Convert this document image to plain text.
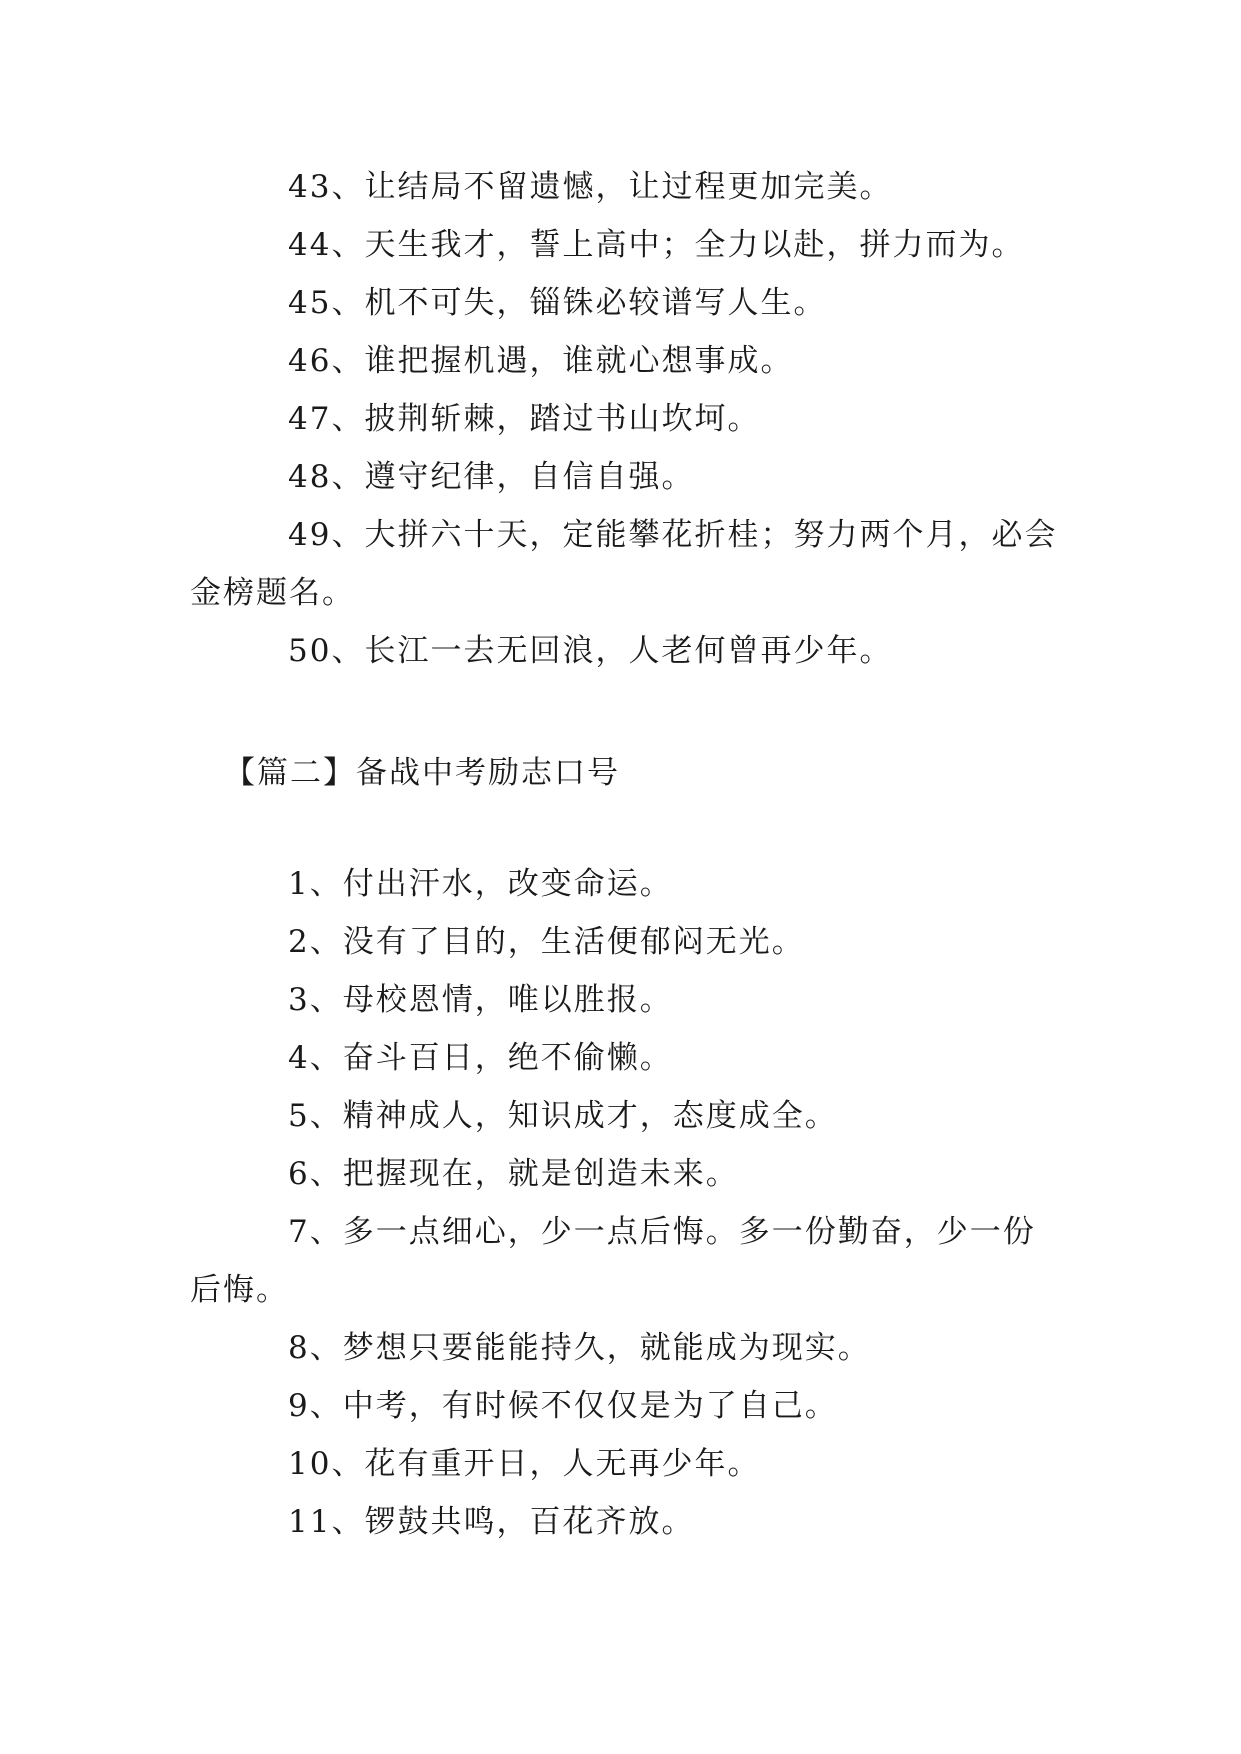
43、让结局不留遗憾，让过程更加完美。

44、天生我才，誓上高中；全力以赴，拼力而为。

45、机不可失，锱铢必较谱写人生。

46、谁把握机遇，谁就心想事成。

47、披荆斩棘，踏过书山坎坷。

48、遵守纪律，自信自强。

49、大拼六十天，定能攀花折桂；努力两个月，必会金榜题名。

50、长江一去无回浪，人老何曾再少年。

【篇二】备战中考励志口号

1、付出汗水，改变命运。

2、没有了目的，生活便郁闷无光。

3、母校恩情，唯以胜报。

4、奋斗百日，绝不偷懒。

5、精神成人，知识成才，态度成全。

6、把握现在，就是创造未来。

7、多一点细心，少一点后悔。多一份勤奋，少一份后悔。

8、梦想只要能能持久，就能成为现实。

9、中考，有时候不仅仅是为了自己。

10、花有重开日，人无再少年。

11、锣鼓共鸣，百花齐放。
